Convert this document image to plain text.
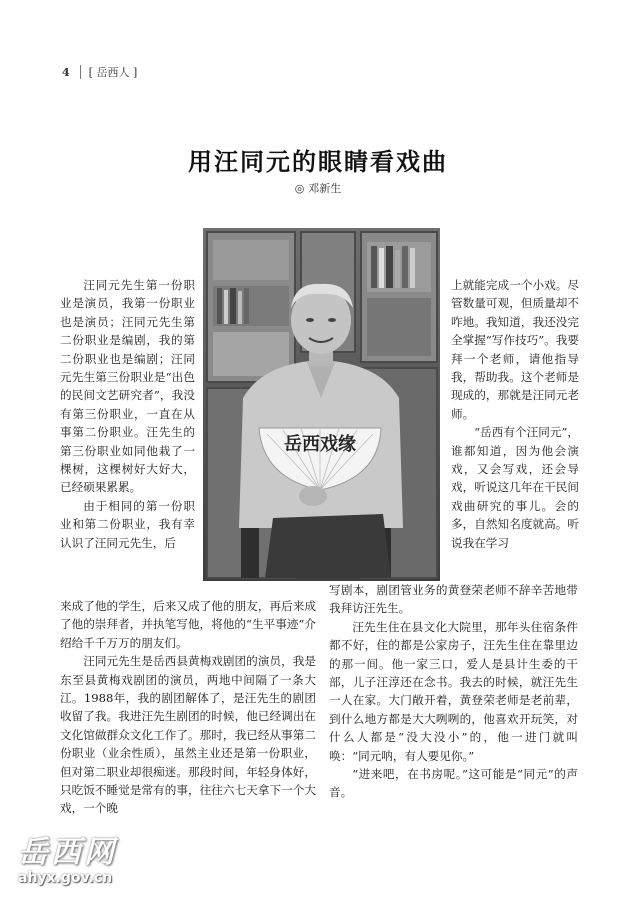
4 [ 岳西人 ]
用汪同元的眼睛看戏曲
◎ 邓新生
岳西戏缘

汪同元先生第一份职业是演员，我第一份职业也是演员；汪同元先生第二份职业是编剧，我的第二份职业也是编剧；汪同元先生第三份职业是“出色的民间文艺研究者”，我没有第三份职业，一直在从事第二份职业。汪先生的第三份职业如同他栽了一棵树，这棵树好大好大，已经硕果累累。

由于相同的第一份职业和第二份职业，我有幸认识了汪同元先生，后

来成了他的学生，后来又成了他的朋友，再后来成了他的崇拜者，并执笔写他，将他的“生平事迹”介绍给千千万万的朋友们。

汪同元先生是岳西县黄梅戏剧团的演员，我是东至县黄梅戏剧团的演员，两地中间隔了一条大江。1988年，我的剧团解体了，是汪先生的剧团收留了我。我进汪先生剧团的时候，他已经调出在文化馆做群众文化工作了。那时，我已经从事第二份职业（业余性质），虽然主业还是第一份职业，但对第二职业却很痴迷。那段时间，年轻身体好，只吃饭不睡觉是常有的事，往往六七天拿下一个大戏，一个晚

上就能完成一个小戏。尽管数量可观，但质量却不咋地。我知道，我还没完全掌握“写作技巧”。我要拜一个老师，请他指导我，帮助我。这个老师是现成的，那就是汪同元老师。

“岳西有个汪同元”，谁都知道，因为他会演戏，又会写戏，还会导戏，听说这几年在干民间戏曲研究的事儿。会的多，自然知名度就高。听说我在学习

写剧本，剧团管业务的黄登荣老师不辞辛苦地带我拜访汪先生。

汪先生住在县文化大院里，那年头住宿条件都不好，住的都是公家房子，汪先生住在靠里边的那一间。他一家三口，爱人是县计生委的干部，儿子汪淳还在念书。我去的时候，就汪先生一人在家。大门敞开着，黄登荣老师是老前辈，到什么地方都是大大咧咧的，他喜欢开玩笑，对什么人都是“没大没小”的，他一进门就叫唤：“同元呐，有人要见你。”

“进来吧，在书房呢。”这可能是“同元”的声音。

岳西网
ahyx.gov.cn
